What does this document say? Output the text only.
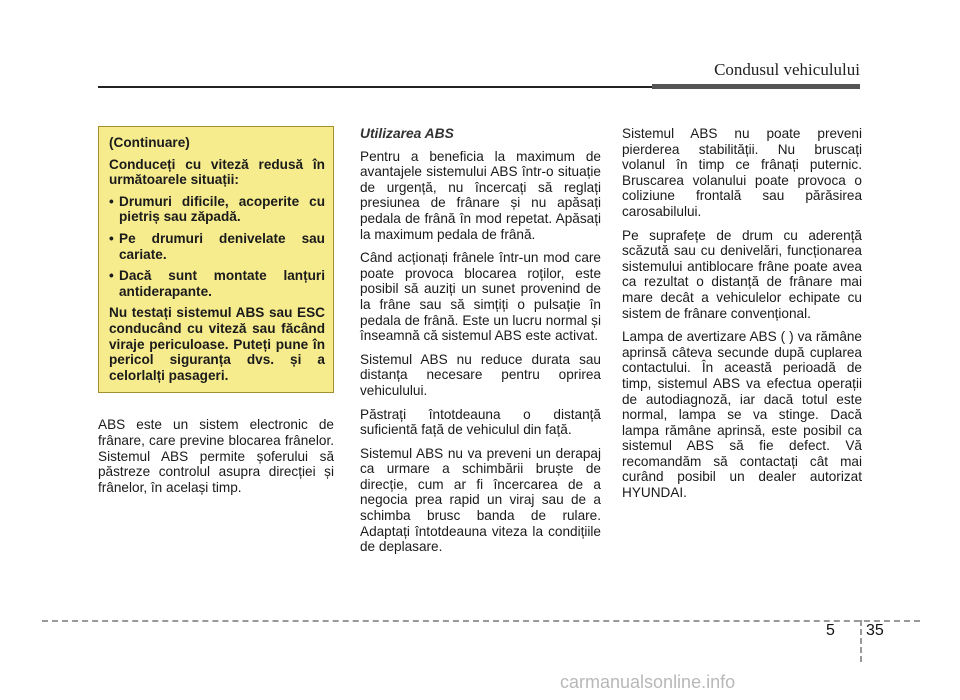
Condusul vehiculului

(Continuare)

Conduceți cu viteză redusă în următoarele situații:

• Drumuri dificile, acoperite cu pietriș sau zăpadă.
• Pe drumuri denivelate sau cariate.
• Dacă sunt montate lanțuri antiderapante.

Nu testați sistemul ABS sau ESC conducând cu viteză sau făcând viraje periculoase. Puteți pune în pericol siguranța dvs. și a celorlalți pasageri.

ABS este un sistem electronic de frânare, care previne blocarea frânelor. Sistemul ABS permite șoferului să păstreze controlul asupra direcției și frânelor, în același timp.

Utilizarea ABS

Pentru a beneficia la maximum de avantajele sistemului ABS într-o situație de urgență, nu încercați să reglați presiunea de frânare și nu apăsați pedala de frână în mod repetat. Apăsați la maximum pedala de frână.

Când acționați frânele într-un mod care poate provoca blocarea roților, este posibil să auziți un sunet provenind de la frâne sau să simțiți o pulsație în pedala de frână. Este un lucru normal și înseamnă că sistemul ABS este activat.

Sistemul ABS nu reduce durata sau distanța necesare pentru oprirea vehiculului.

Păstrați întotdeauna o distanță suficientă față de vehiculul din față.

Sistemul ABS nu va preveni un derapaj ca urmare a schimbării bruște de direcție, cum ar fi încercarea de a negocia prea rapid un viraj sau de a schimba brusc banda de rulare. Adaptați întotdeauna viteza la condițiile de deplasare.

Sistemul ABS nu poate preveni pierderea stabilității. Nu bruscați volanul în timp ce frânați puternic. Bruscarea volanului poate provoca o coliziune frontală sau părăsirea carosabilului.

Pe suprafețe de drum cu aderență scăzută sau cu denivelări, funcționarea sistemului antiblocare frâne poate avea ca rezultat o distanță de frânare mai mare decât a vehiculelor echipate cu sistem de frânare convențional.

Lampa de avertizare ABS ( ) va rămâne aprinsă câteva secunde după cuplarea contactului. În această perioadă de timp, sistemul ABS va efectua operații de autodiagnoză, iar dacă totul este normal, lampa se va stinge. Dacă lampa rămâne aprinsă, este posibil ca sistemul ABS să fie defect. Vă recomandăm să contactați cât mai curând posibil un dealer autorizat HYUNDAI.

5 35
carmanualsonline.info
